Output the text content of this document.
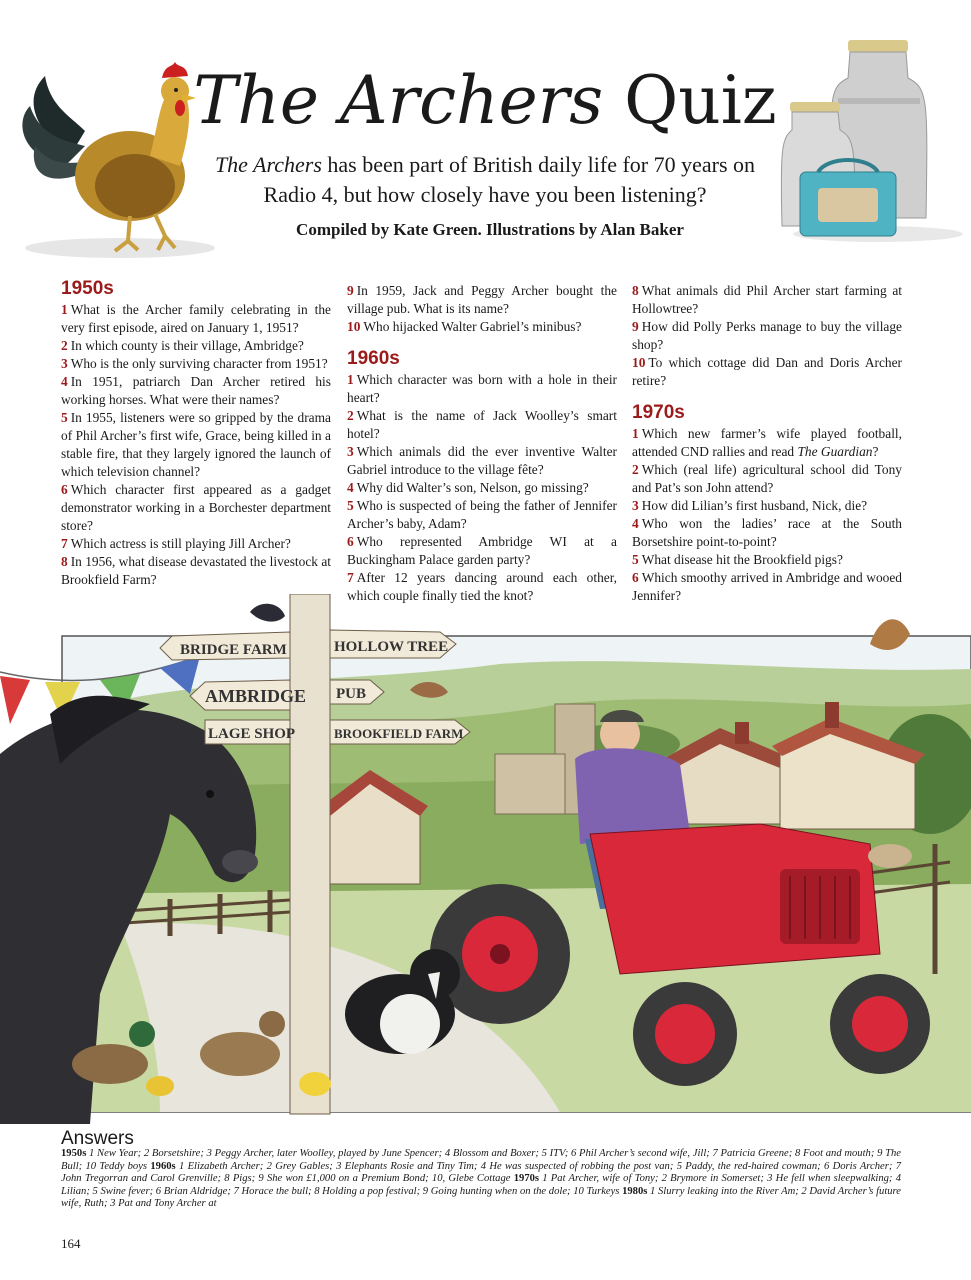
The Archers Quiz

The Archers has been part of British daily life for 70 years on Radio 4, but how closely have you been listening?

Compiled by Kate Green. Illustrations by Alan Baker

1950s

1 What is the Archer family celebrating in the very first episode, aired on January 1, 1951?

2 In which county is their village, Ambridge?

3 Who is the only surviving character from 1951?

4 In 1951, patriarch Dan Archer retired his working horses. What were their names?

5 In 1955, listeners were so gripped by the drama of Phil Archer’s first wife, Grace, being killed in a stable fire, that they largely ignored the launch of which television channel?

6 Which character first appeared as a gadget demonstrator working in a Borchester department store?

7 Which actress is still playing Jill Archer?

8 In 1956, what disease devastated the livestock at Brookfield Farm?

9 In 1959, Jack and Peggy Archer bought the village pub. What is its name?

10 Who hijacked Walter Gabriel’s minibus?

1960s

1 Which character was born with a hole in their heart?

2 What is the name of Jack Woolley’s smart hotel?

3 Which animals did the ever inventive Walter Gabriel introduce to the village fête?

4 Why did Walter’s son, Nelson, go missing?

5 Who is suspected of being the father of Jennifer Archer’s baby, Adam?

6 Who represented Ambridge WI at a Buckingham Palace garden party?

7 After 12 years dancing around each other, which couple finally tied the knot?

8 What animals did Phil Archer start farming at Hollowtree?

9 How did Polly Perks manage to buy the village shop?

10 To which cottage did Dan and Doris Archer retire?

1970s

1 Which new farmer’s wife played football, attended CND rallies and read The Guardian?

2 Which (real life) agricultural school did Tony and Pat’s son John attend?

3 How did Lilian’s first husband, Nick, die?

4 Who won the ladies’ race at the South Borsetshire point-to-point?

5 What disease hit the Brookfield pigs?

6 Which smoothy arrived in Ambridge and wooed Jennifer?

BRIDGE FARM	HOLLOW TREE
AMBRIDGE PUB
LAGE SHOP	BROOKFIELD FARM
Answers

1950s 1 New Year; 2 Borsetshire; 3 Peggy Archer, later Woolley, played by June Spencer; 4 Blossom and Boxer; 5 ITV; 6 Phil Archer’s second wife, Jill; 7 Patricia Greene; 8 Foot and mouth; 9 The Bull; 10 Teddy boys 1960s 1 Elizabeth Archer; 2 Grey Gables; 3 Elephants Rosie and Tiny Tim; 4 He was suspected of robbing the post van; 5 Paddy, the red-haired cowman; 6 Doris Archer; 7 John Tregorran and Carol Grenville; 8 Pigs; 9 She won £1,000 on a Premium Bond; 10, Glebe Cottage 1970s 1 Pat Archer, wife of Tony; 2 Brymore in Somerset; 3 He fell when sleepwalking; 4 Lilian; 5 Swine fever; 6 Brian Aldridge; 7 Horace the bull; 8 Holding a pop festival; 9 Going hunting when on the dole; 10 Turkeys 1980s 1 Slurry leaking into the River Am; 2 David Archer’s future wife, Ruth; 3 Pat and Tony Archer at

164
